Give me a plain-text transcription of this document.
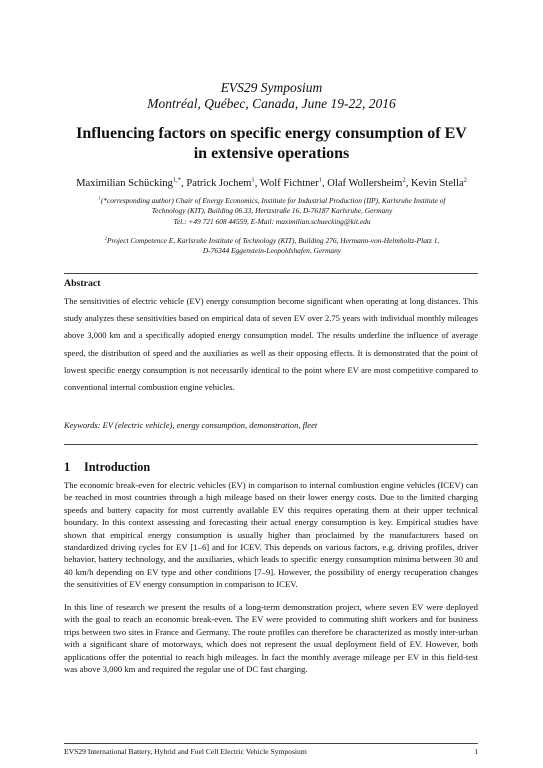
EVS29 Symposium
Montréal, Québec, Canada, June 19-22, 2016
Influencing factors on specific energy consumption of EV
in extensive operations
Maximilian Schücking$^{1,*}$, Patrick Jochem$^1$, Wolf Fichtner$^1$, Olaf Wollersheim$^2$, Kevin Stella$^2$
$^1$(*corresponding author) Chair of Energy Economics, Institute for Industrial Production (IIP), Karlsruhe Institute of
Technology (KIT), Building 06.33, Hertzstraße 16, D-76187 Karlsruhe, Germany
Tel.: +49 721 608 44559, E-Mail: maximilian.schuecking@kit.edu
$^2$Project Competence E, Karlsruhe Institute of Technology (KIT), Building 276, Hermann-von-Helmholtz-Platz 1,
D-76344 Eggenstein-Leopoldshafen, Germany
Abstract
The sensitivities of electric vehicle (EV) energy consumption become significant when operating at long distances. This study analyzes these sensitivities based on empirical data of seven EV over 2.75 years with individual monthly mileages above 3,000 km and a specifically adopted energy consumption model. The results underline the influence of average speed, the distribution of speed and the auxiliaries as well as their opposing effects. It is demonstrated that the point of lowest specific energy consumption is not necessarily identical to the point where EV are most competitive compared to conventional internal combustion engine vehicles.
Keywords: EV (electric vehicle), energy consumption, demonstration, fleet
1 Introduction
The economic break-even for electric vehicles (EV) in comparison to internal combustion engine vehicles (ICEV) can be reached in most countries through a high mileage based on their lower energy costs. Due to the limited charging speeds and battery capacity for most currently available EV this requires operating them at their upper technical boundary. In this context assessing and forecasting their actual energy consumption is key. Empirical studies have shown that empirical energy consumption is usually higher than proclaimed by the manufacturers based on standardized driving cycles for EV [1–6] and for ICEV. This depends on various factors, e.g. driving profiles, driver behavior, battery technology, and the auxiliaries, which leads to specific energy consumption minima between 30 and 40 km/h depending on EV type and other conditions [7–9]. However, the possibility of energy recuperation changes the sensitivities of EV energy consumption in comparison to ICEV.
In this line of research we present the results of a long-term demonstration project, where seven EV were deployed with the goal to reach an economic break-even. The EV were provided to commuting shift workers and for business trips between two sites in France and Germany. The route profiles can therefore be characterized as mostly inter-urban with a significant share of motorways, which does not represent the usual deployment field of EV. However, both applications offer the potential to reach high mileages. In fact the monthly average mileage per EV in this field-test was above 3,000 km and required the regular use of DC fast charging.
EVS29 International Battery, Hybrid and Fuel Cell Electric Vehicle Symposium	1
